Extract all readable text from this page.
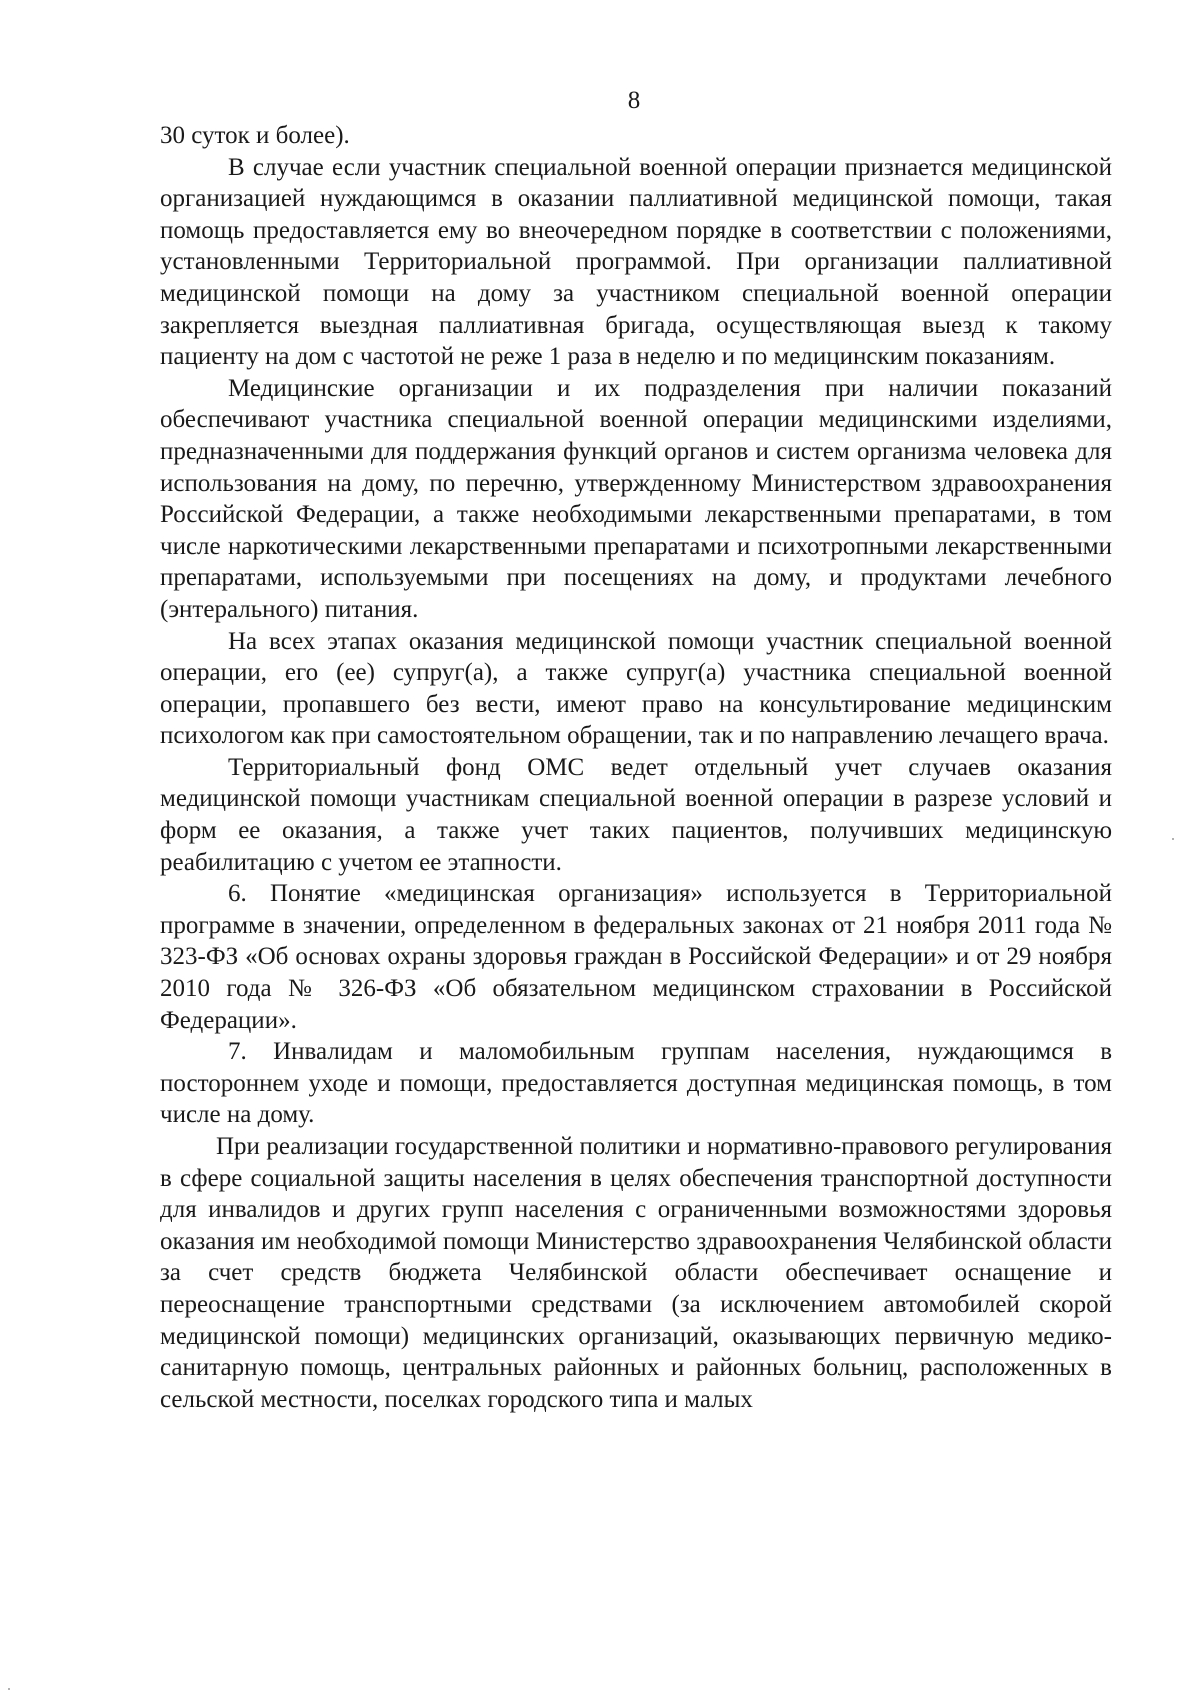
8

30 суток и более).

В случае если участник специальной военной операции признается медицинской организацией нуждающимся в оказании паллиативной медицинской помощи, такая помощь предоставляется ему во внеочередном порядке в соответствии с положениями, установленными Территориальной программой. При организации паллиативной медицинской помощи на дому за участником специальной военной операции закрепляется выездная паллиативная бригада, осуществляющая выезд к такому пациенту на дом с частотой не реже 1 раза в неделю и по медицинским показаниям.

Медицинские организации и их подразделения при наличии показаний обеспечивают участника специальной военной операции медицинскими изделиями, предназначенными для поддержания функций органов и систем организма человека для использования на дому, по перечню, утвержденному Министерством здравоохранения Российской Федерации, а также необходимыми лекарственными препаратами, в том числе наркотическими лекарственными препаратами и психотропными лекарственными препаратами, используемыми при посещениях на дому, и продуктами лечебного (энтерального) питания.

На всех этапах оказания медицинской помощи участник специальной военной операции, его (ее) супруг(а), а также супруг(а) участника специальной военной операции, пропавшего без вести, имеют право на консультирование медицинским психологом как при самостоятельном обращении, так и по направлению лечащего врача.

Территориальный фонд ОМС ведет отдельный учет случаев оказания медицинской помощи участникам специальной военной операции в разрезе условий и форм ее оказания, а также учет таких пациентов, получивших медицинскую реабилитацию с учетом ее этапности.

6. Понятие «медицинская организация» используется в Территориальной программе в значении, определенном в федеральных законах от 21 ноября 2011 года № 323-ФЗ «Об основах охраны здоровья граждан в Российской Федерации» и от 29 ноября 2010 года № 326-ФЗ «Об обязательном медицинском страховании в Российской Федерации».

7. Инвалидам и маломобильным группам населения, нуждающимся в постороннем уходе и помощи, предоставляется доступная медицинская помощь, в том числе на дому.

При реализации государственной политики и нормативно-правового регулирования в сфере социальной защиты населения в целях обеспечения транспортной доступности для инвалидов и других групп населения с ограниченными возможностями здоровья оказания им необходимой помощи Министерство здравоохранения Челябинской области за счет средств бюджета Челябинской области обеспечивает оснащение и переоснащение транспортными средствами (за исключением автомобилей скорой медицинской помощи) медицинских организаций, оказывающих первичную медико-санитарную помощь, центральных районных и районных больниц, расположенных в сельской местности, поселках городского типа и малых
